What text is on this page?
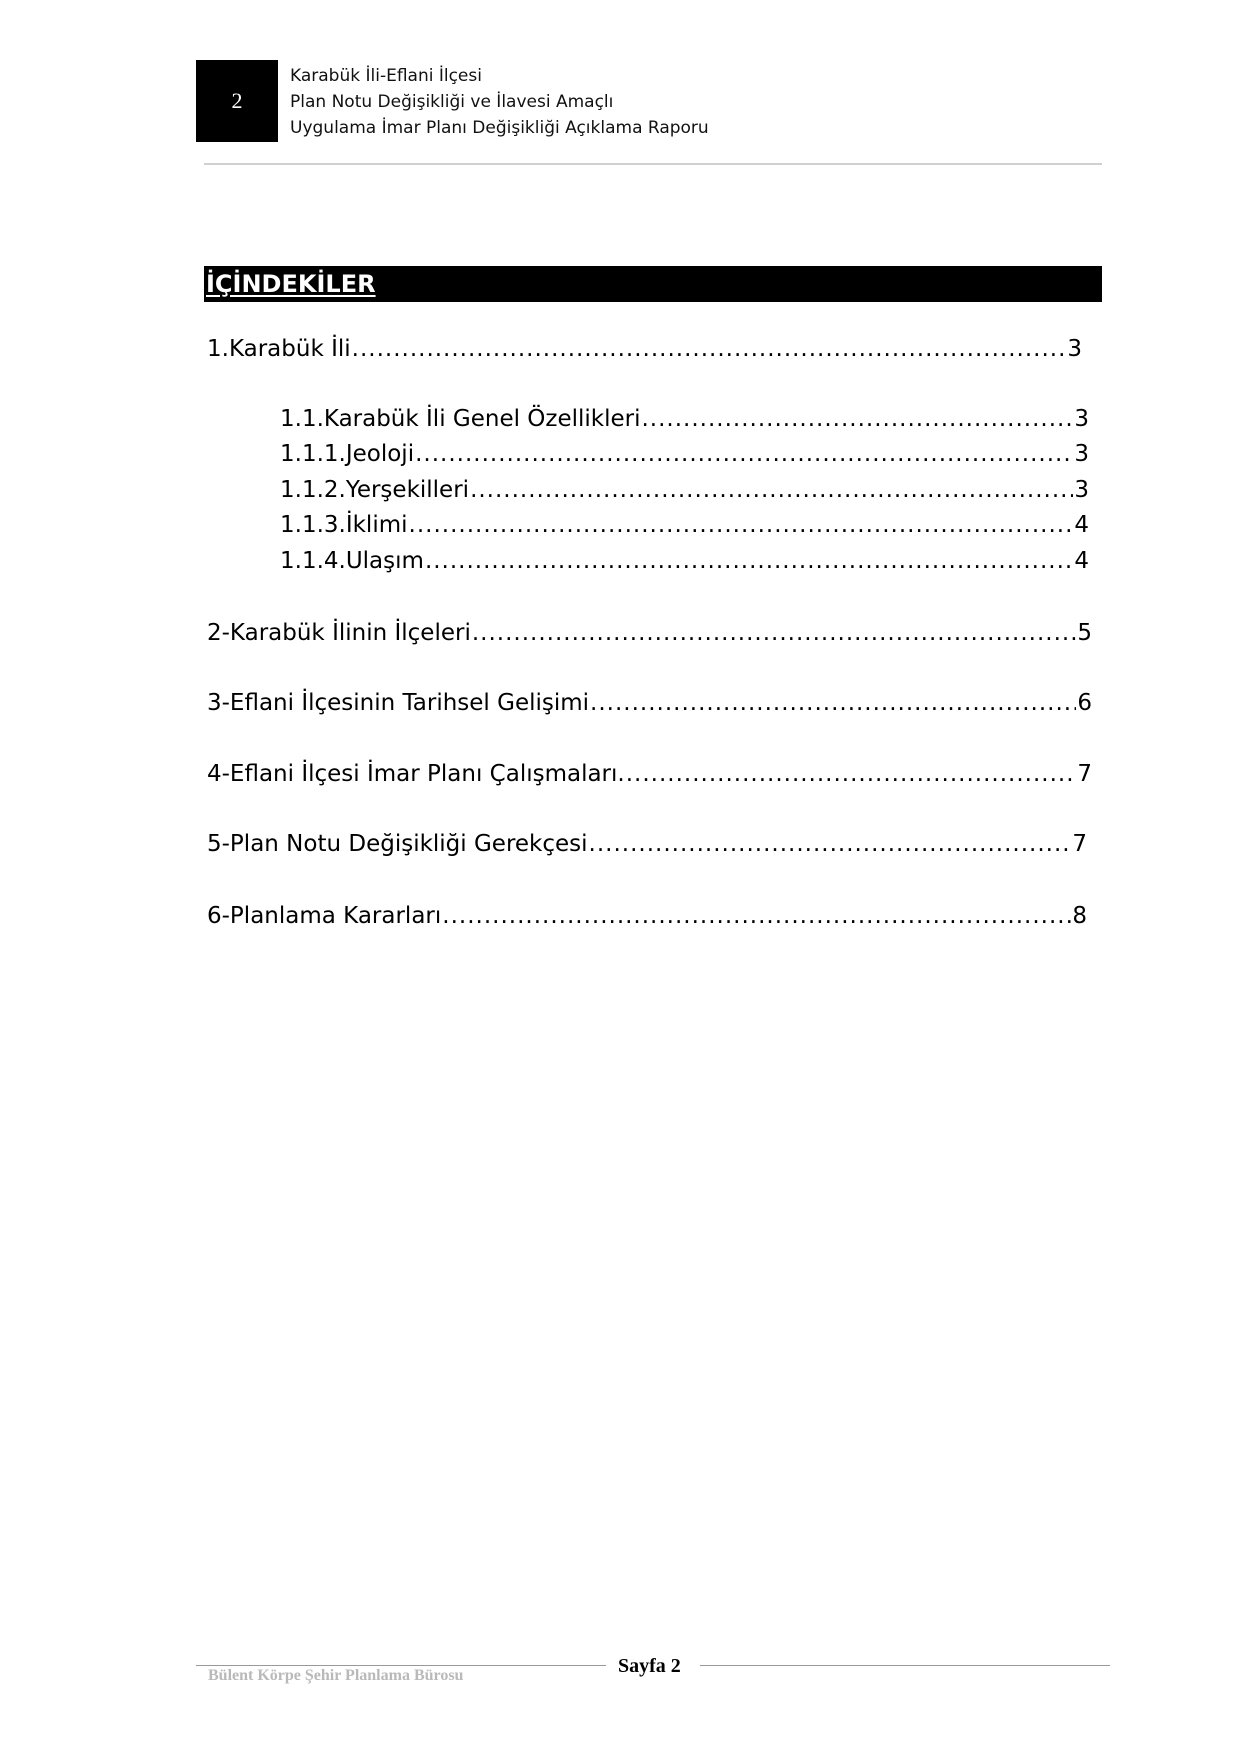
2
Karabük İli-Eflani İlçesi
Plan Notu Değişikliği ve İlavesi Amaçlı
Uygulama İmar Planı Değişikliği Açıklama Raporu
İÇİNDEKİLER
1.Karabük İli .....	3
1.1.Karabük İli Genel Özellikleri .....	3
1.1.1.Jeoloji .....	3
1.1.2.Yerşekilleri .....	3
1.1.3.İklimi .....	4
1.1.4.Ulaşım .....	4
2-Karabük İlinin İlçeleri .....	5
3-Eflani İlçesinin Tarihsel Gelişimi .....	6
4-Eflani İlçesi İmar Planı Çalışmaları. .....	7
5-Plan Notu Değişikliği Gerekçesi .....	7
6-Planlama Kararları .....	8
Bülent Körpe Şehir Planlama Bürosu	Sayfa 2
